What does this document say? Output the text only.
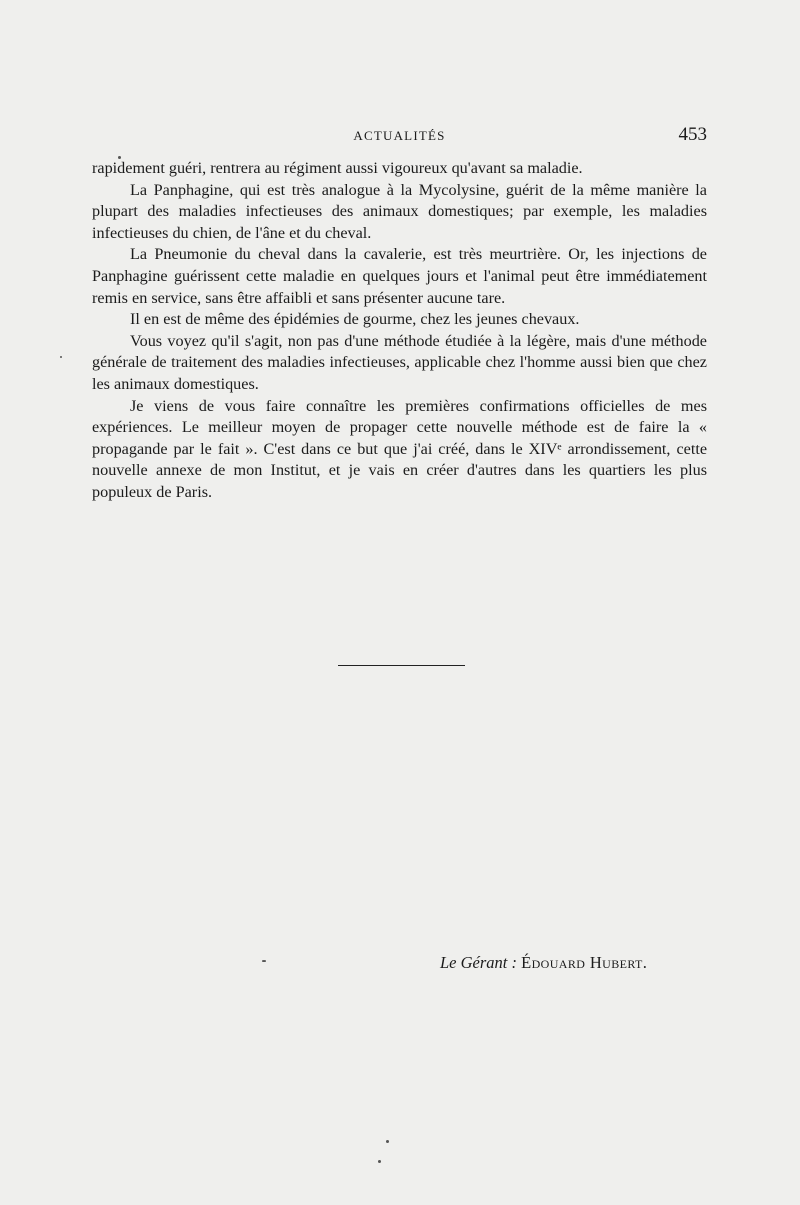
ACTUALITÉS	453

rapidement guéri, rentrera au régiment aussi vigoureux qu'avant sa maladie.

La Panphagine, qui est très analogue à la Mycolysine, guérit de la même manière la plupart des maladies infectieuses des animaux domestiques; par exemple, les maladies infectieuses du chien, de l'âne et du cheval.

La Pneumonie du cheval dans la cavalerie, est très meurtrière. Or, les injections de Panphagine guérissent cette maladie en quelques jours et l'animal peut être immédiatement remis en service, sans être affaibli et sans présenter aucune tare.

Il en est de même des épidémies de gourme, chez les jeunes chevaux.

Vous voyez qu'il s'agit, non pas d'une méthode étudiée à la légère, mais d'une méthode générale de traitement des maladies infectieuses, applicable chez l'homme aussi bien que chez les animaux domestiques.

Je viens de vous faire connaître les premières confirmations officielles de mes expériences. Le meilleur moyen de propager cette nouvelle méthode est de faire la « propagande par le fait ». C'est dans ce but que j'ai créé, dans le XIVᵉ arrondissement, cette nouvelle annexe de mon Institut, et je vais en créer d'autres dans les quartiers les plus populeux de Paris.

Le Gérant : Édouard Hubert.
